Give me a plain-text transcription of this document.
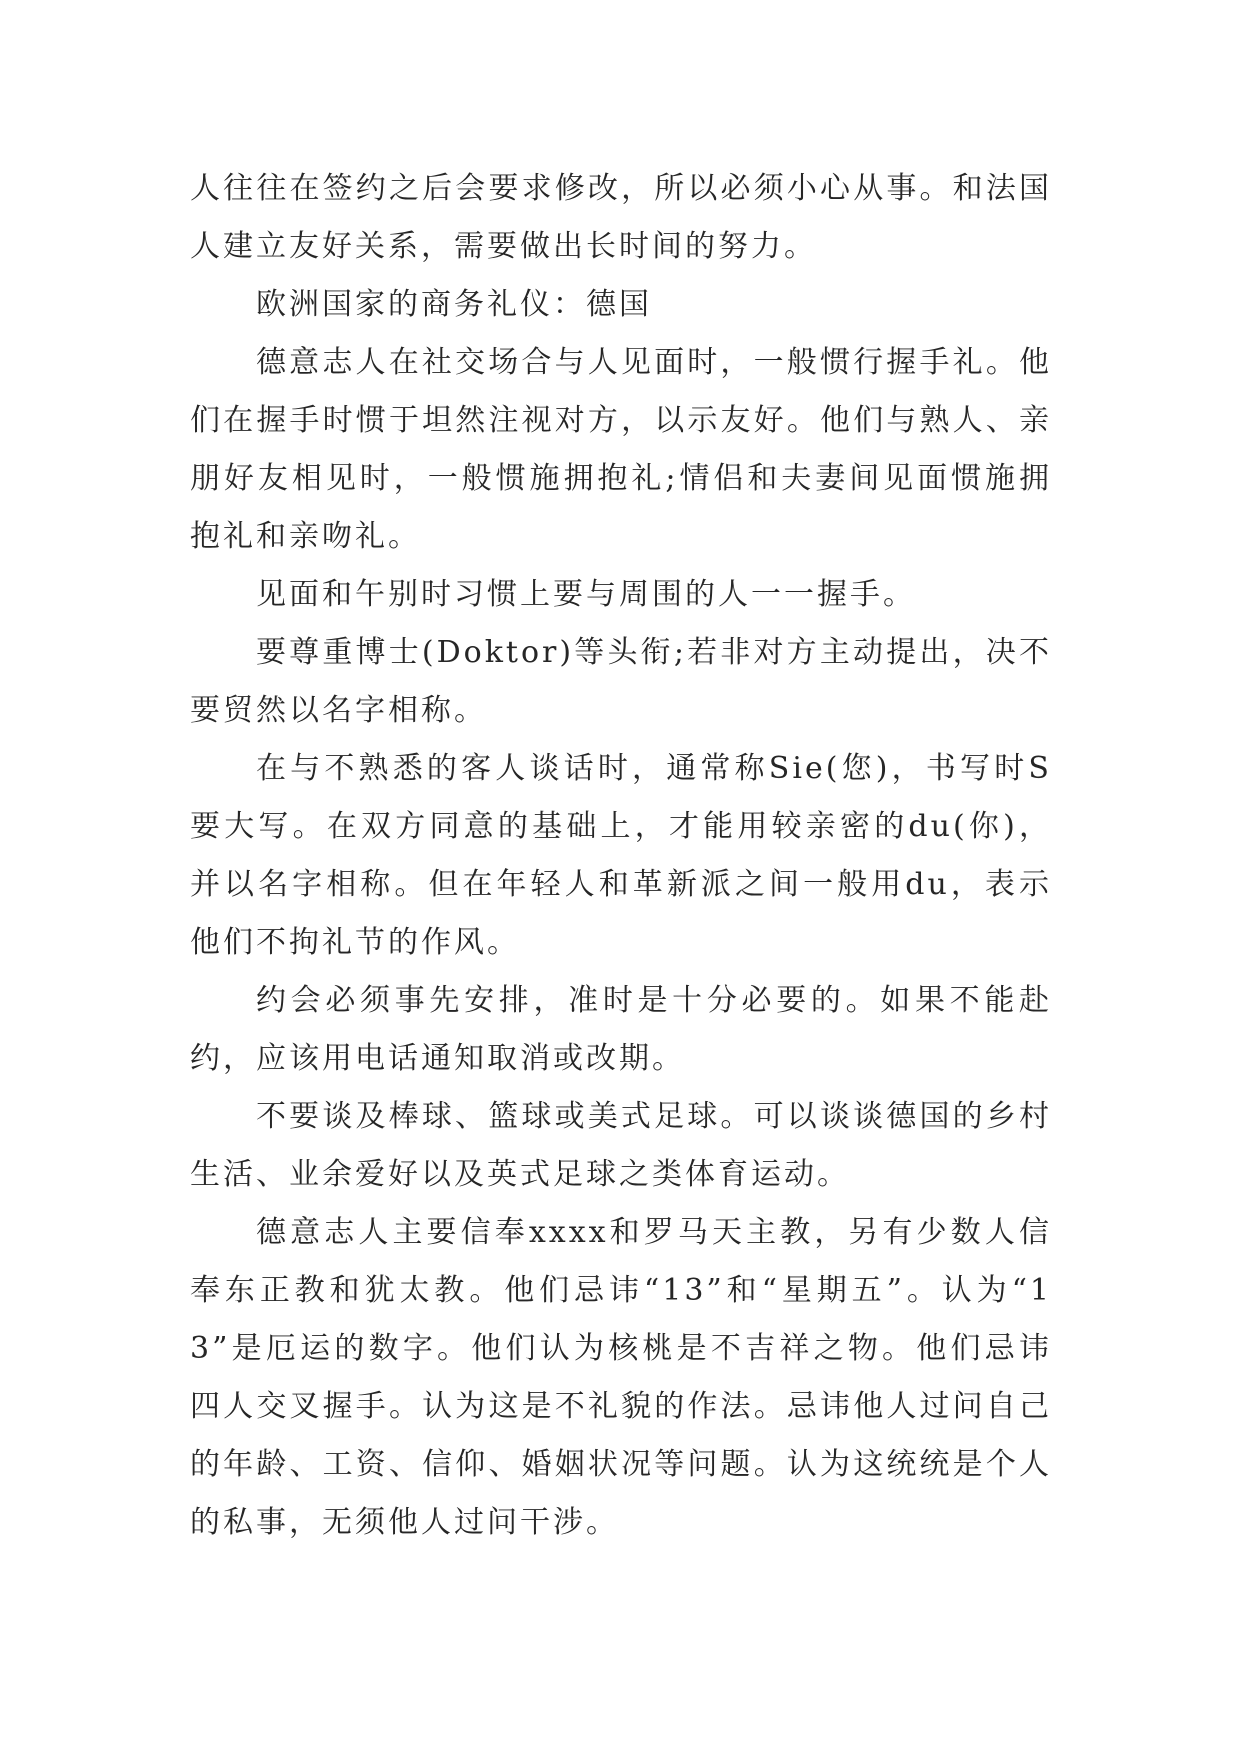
人往往在签约之后会要求修改，所以必须小心从事。和法国人建立友好关系，需要做出长时间的努力。

欧洲国家的商务礼仪：德国

德意志人在社交场合与人见面时，一般惯行握手礼。他们在握手时惯于坦然注视对方，以示友好。他们与熟人、亲朋好友相见时，一般惯施拥抱礼;情侣和夫妻间见面惯施拥抱礼和亲吻礼。

见面和午别时习惯上要与周围的人一一握手。

要尊重博士(Doktor)等头衔;若非对方主动提出，决不要贸然以名字相称。

在与不熟悉的客人谈话时，通常称Sie(您)，书写时S要大写。在双方同意的基础上，才能用较亲密的du(你)，并以名字相称。但在年轻人和革新派之间一般用du，表示他们不拘礼节的作风。

约会必须事先安排，准时是十分必要的。如果不能赴约，应该用电话通知取消或改期。

不要谈及棒球、篮球或美式足球。可以谈谈德国的乡村生活、业余爱好以及英式足球之类体育运动。

德意志人主要信奉xxxx和罗马天主教，另有少数人信奉东正教和犹太教。他们忌讳“13”和“星期五”。认为“13”是厄运的数字。他们认为核桃是不吉祥之物。他们忌讳四人交叉握手。认为这是不礼貌的作法。忌讳他人过问自己的年龄、工资、信仰、婚姻状况等问题。认为这统统是个人的私事，无须他人过问干涉。
